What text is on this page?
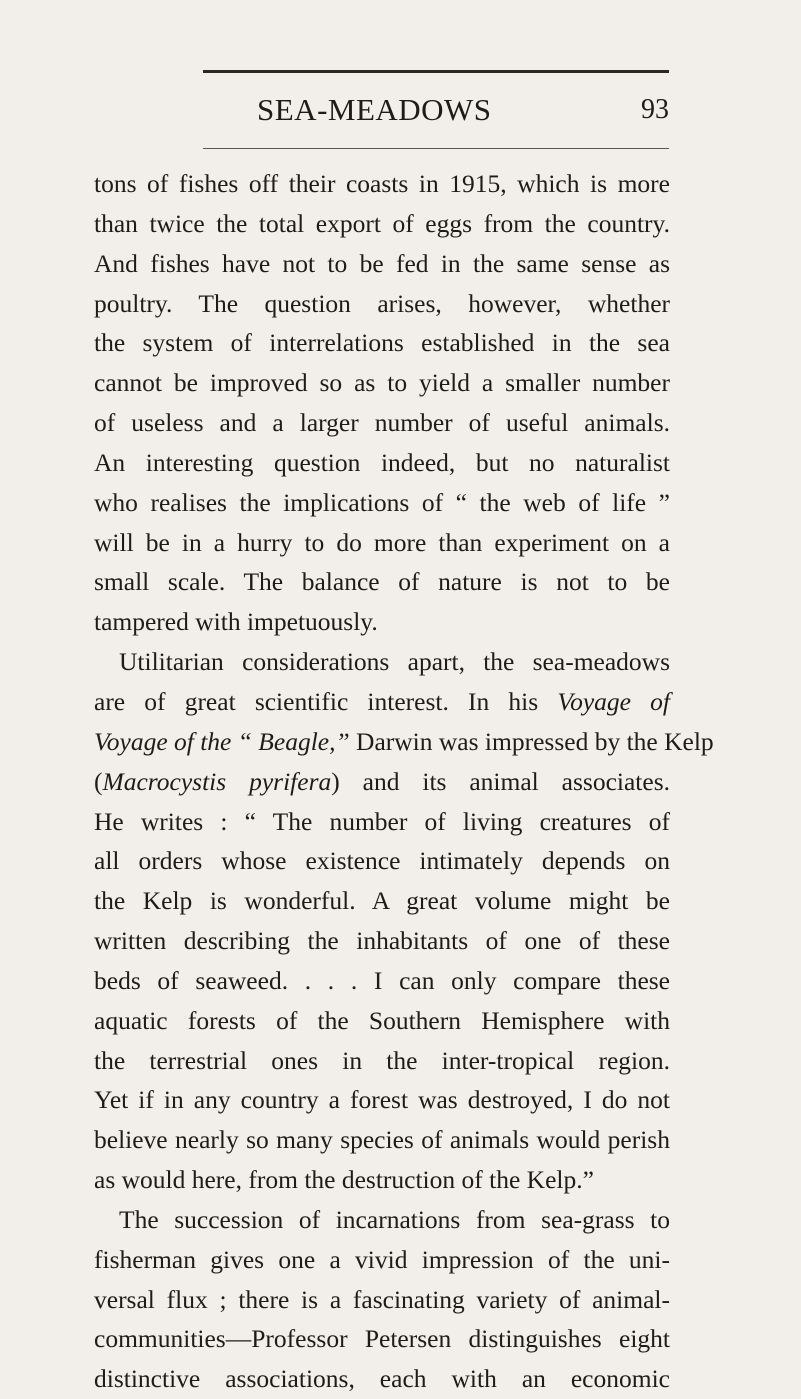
SEA-MEADOWS	93
tons of fishes off their coasts in 1915, which is more
than twice the total export of eggs from the country.
And fishes have not to be fed in the same sense as
poultry. The question arises, however, whether
the system of interrelations established in the sea
cannot be improved so as to yield a smaller number
of useless and a larger number of useful animals.
An interesting question indeed, but no naturalist
who realises the implications of “ the web of life ”
will be in a hurry to do more than experiment on a
small scale. The balance of nature is not to be
tampered with impetuously.
Utilitarian considerations apart, the sea-meadows
are of great scientific interest. In his Voyage of
Voyage of the “ Beagle,” Darwin was impressed by the Kelp
(Macrocystis pyrifera) and its animal associates.
He writes : “ The number of living creatures of
all orders whose existence intimately depends on
the Kelp is wonderful. A great volume might be
written describing the inhabitants of one of these
beds of seaweed. . . . I can only compare these
aquatic forests of the Southern Hemisphere with
the terrestrial ones in the inter-tropical region.
Yet if in any country a forest was destroyed, I do not
believe nearly so many species of animals would perish
as would here, from the destruction of the Kelp.”
The succession of incarnations from sea-grass to
fisherman gives one a vivid impression of the uni-
versal flux ; there is a fascinating variety of animal-
communities—Professor Petersen distinguishes eight
distinctive associations, each with an economic
